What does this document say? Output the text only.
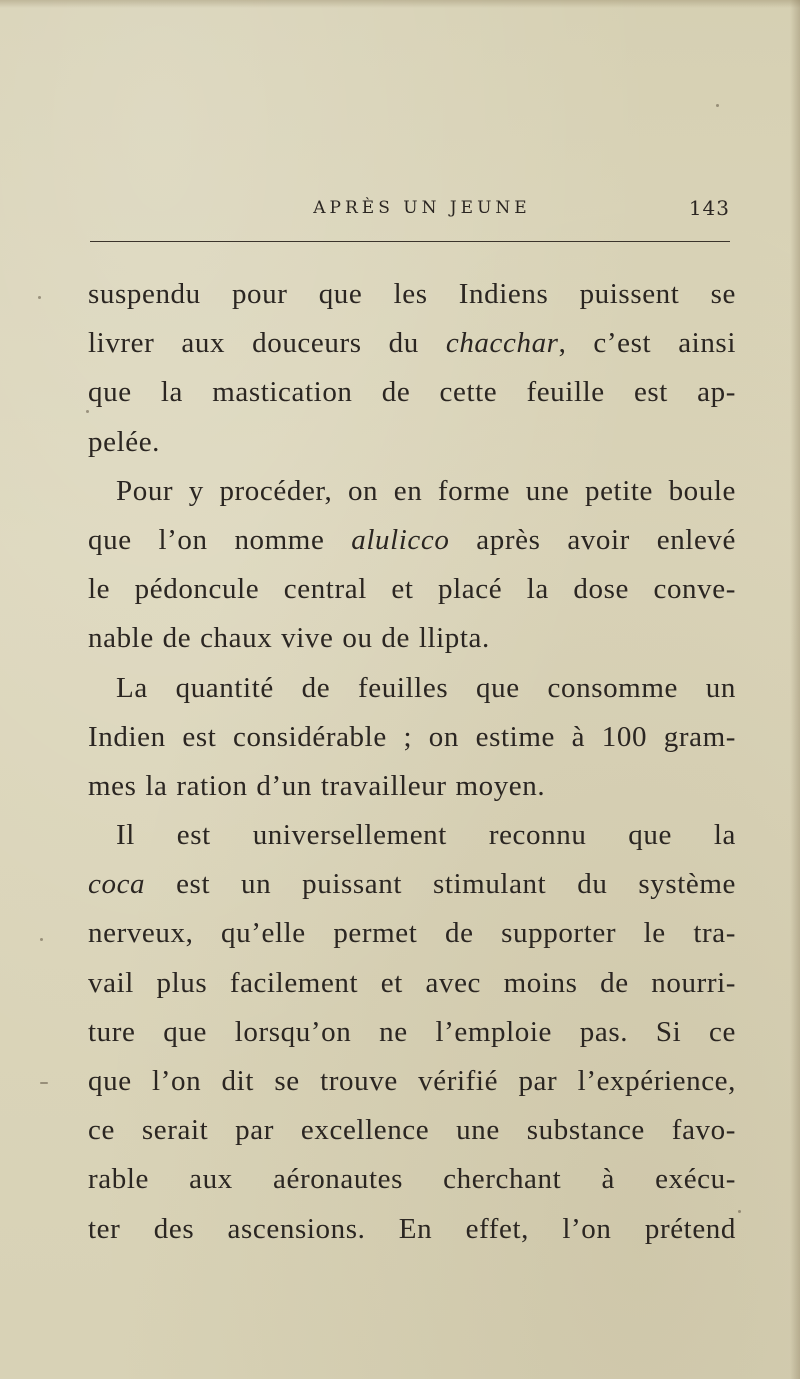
APRÈS UN JEUNE	143
suspendu pour que les Indiens puissent se
livrer aux douceurs du chacchar, c’est ainsi
que la mastication de cette feuille est ap-
pelée.
Pour y procéder, on en forme une petite boule
que l’on nomme alulicco après avoir enlevé
le pédoncule central et placé la dose conve-
nable de chaux vive ou de llipta.
La quantité de feuilles que consomme un
Indien est considérable ; on estime à 100 gram-
mes la ration d’un travailleur moyen.
Il est universellement reconnu que la
coca est un puissant stimulant du système
nerveux, qu’elle permet de supporter le tra-
vail plus facilement et avec moins de nourri-
ture que lorsqu’on ne l’emploie pas. Si ce
que l’on dit se trouve vérifié par l’expérience,
ce serait par excellence une substance favo-
rable aux aéronautes cherchant à exécu-
ter des ascensions. En effet, l’on prétend
